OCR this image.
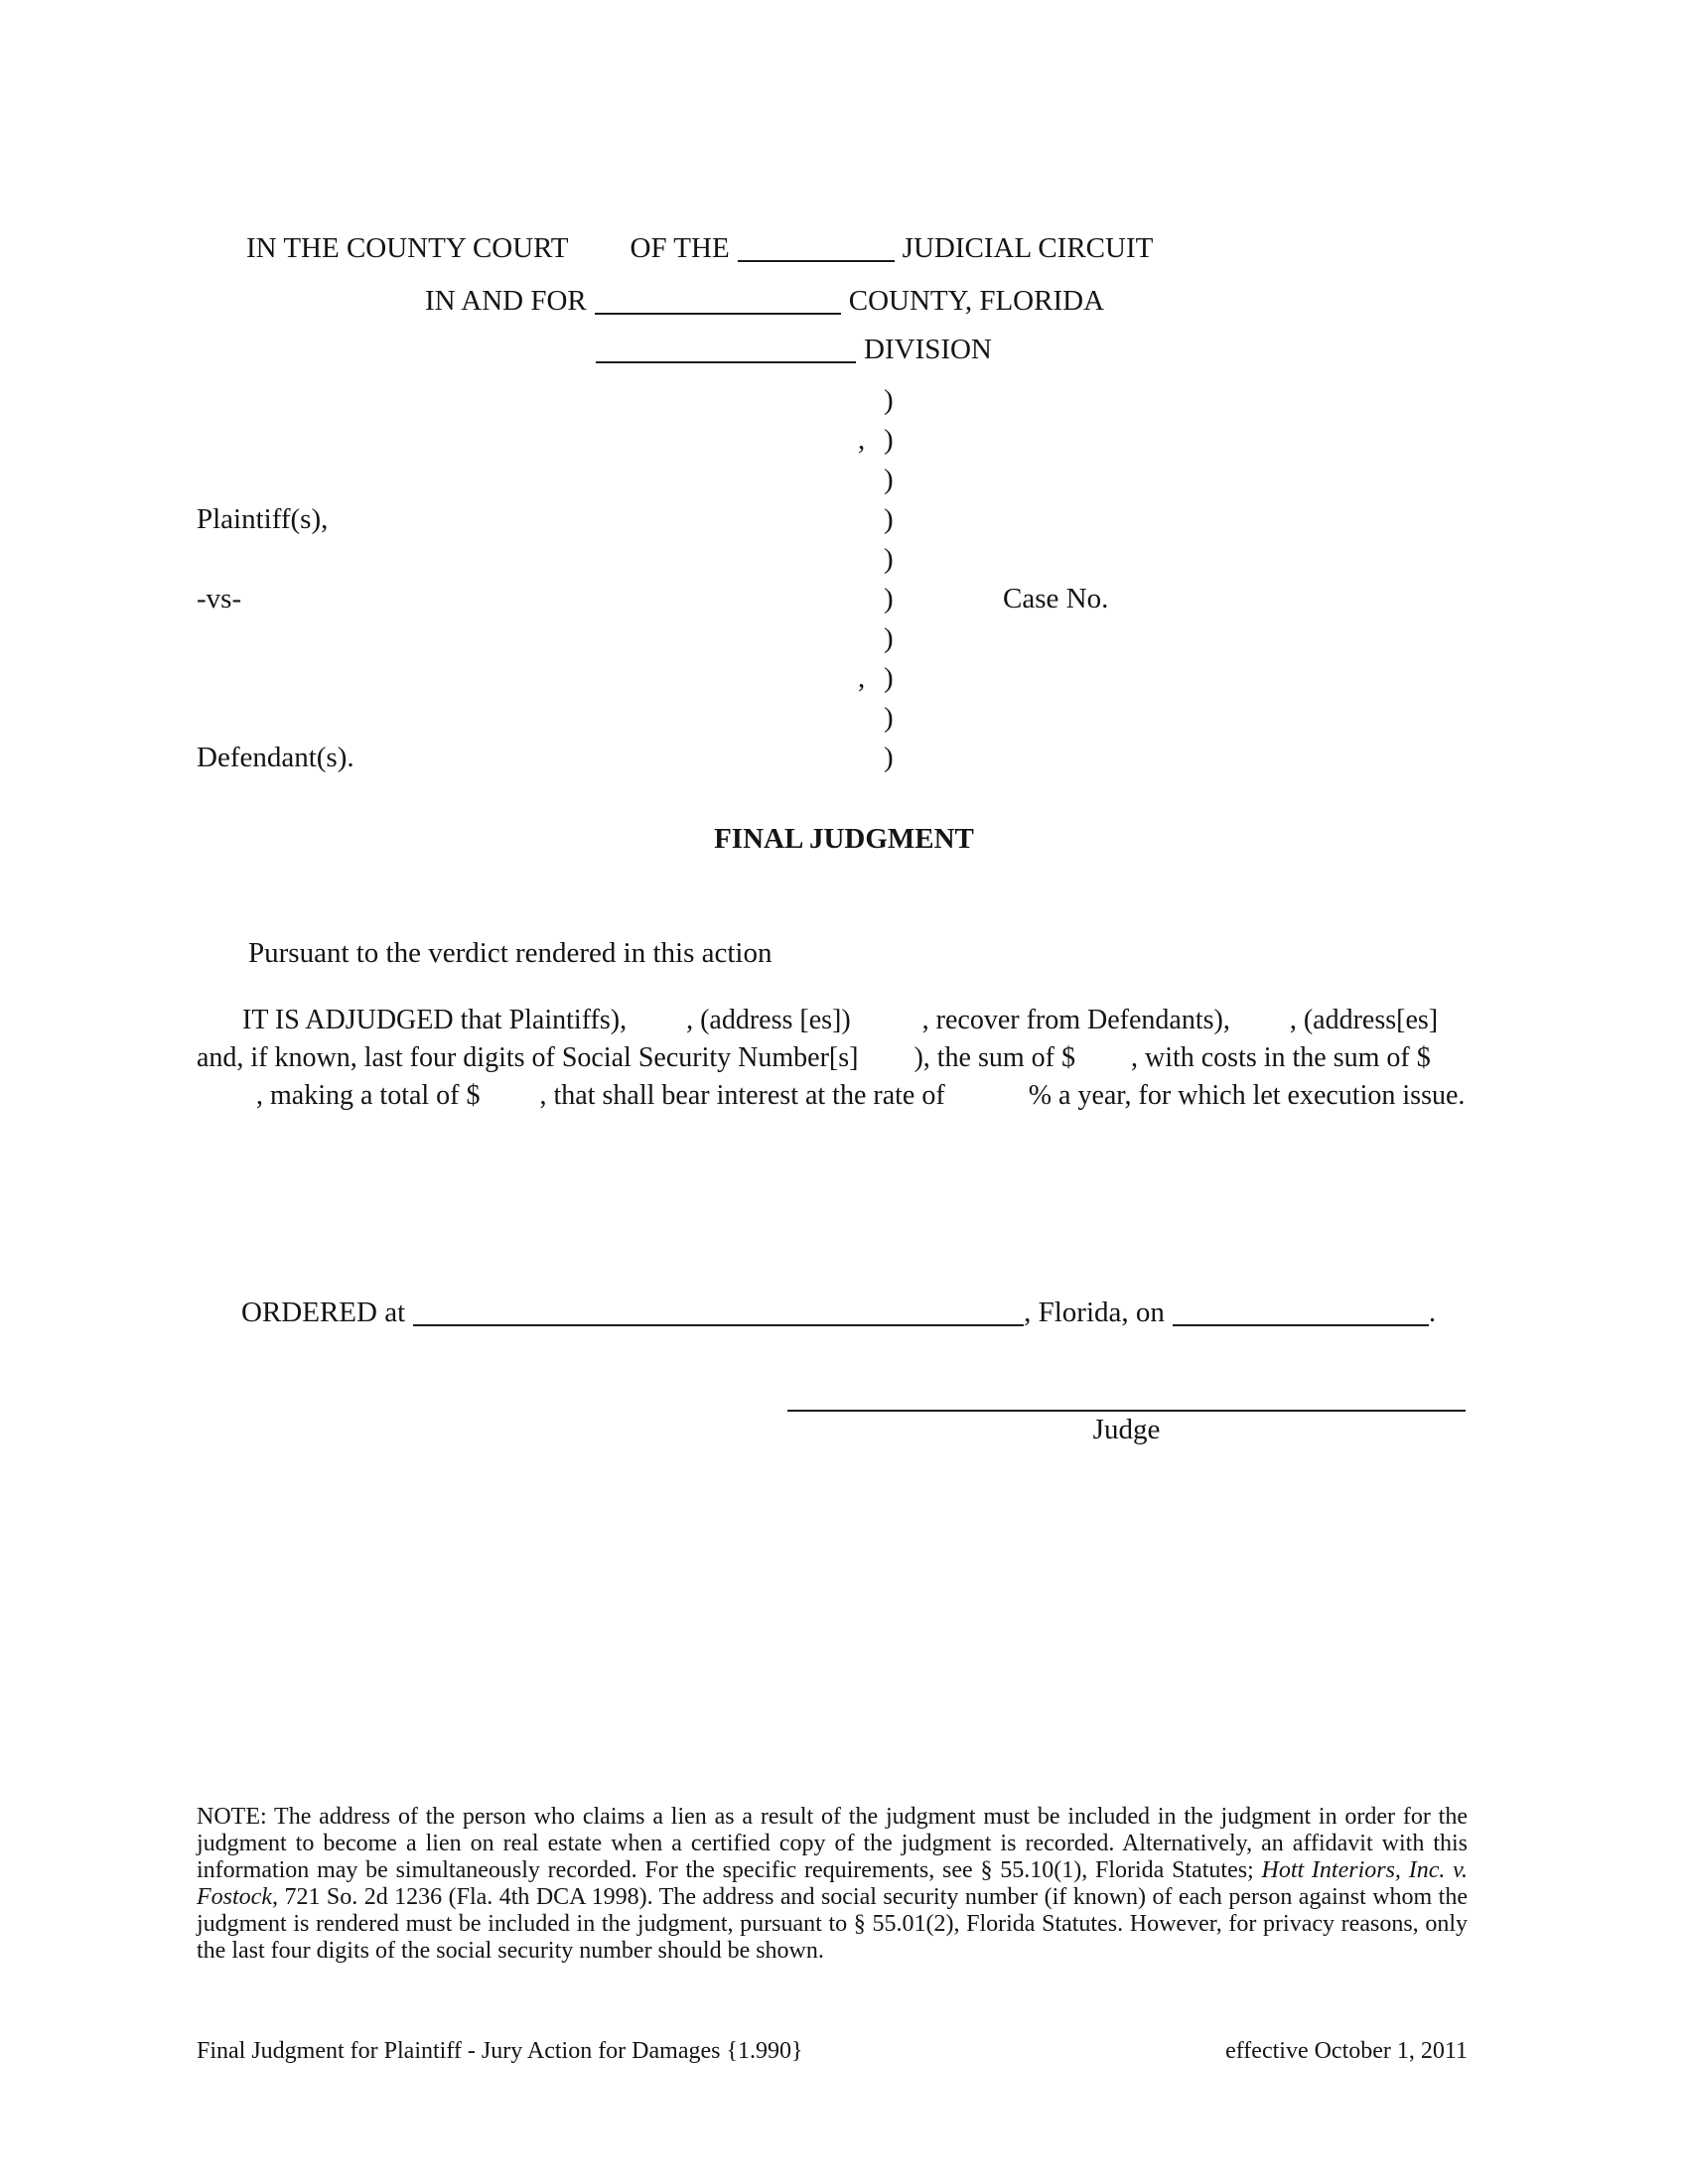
IN THE COUNTY COURT OF THE	JUDICIAL CIRCUIT
IN AND FOR	COUNTY, FLORIDA
DIVISION
)
, )
)
Plaintiff(s),	)
)
-vs-	)	Case No.
)
, )
)
Defendant(s).	)
FINAL JUDGMENT
Pursuant to the verdict rendered in this action
IT IS ADJUDGED that Plaintiffs), , (address [es])	, recover from Defendants), , (address[es] and, if known, last four digits of Social Security Number[s] ), the sum of $ , with costs in the sum of $, making a total of $ , that shall bear interest at the rate of	% a year, for which let execution issue.
ORDERED at	, Florida, on	.
Judge
NOTE: The address of the person who claims a lien as a result of the judgment must be included in the judgment in order for the judgment to become a lien on real estate when a certified copy of the judgment is recorded. Alternatively, an affidavit with this information may be simultaneously recorded. For the specific requirements, see § 55.10(1), Florida Statutes; Hott Interiors, Inc. v. Fostock, 721 So. 2d 1236 (Fla. 4th DCA 1998). The address and social security number (if known) of each person against whom the judgment is rendered must be included in the judgment, pursuant to § 55.01(2), Florida Statutes. However, for privacy reasons, only the last four digits of the social security number should be shown.
Final Judgment for Plaintiff - Jury Action for Damages {1.990}	effective October 1, 2011
